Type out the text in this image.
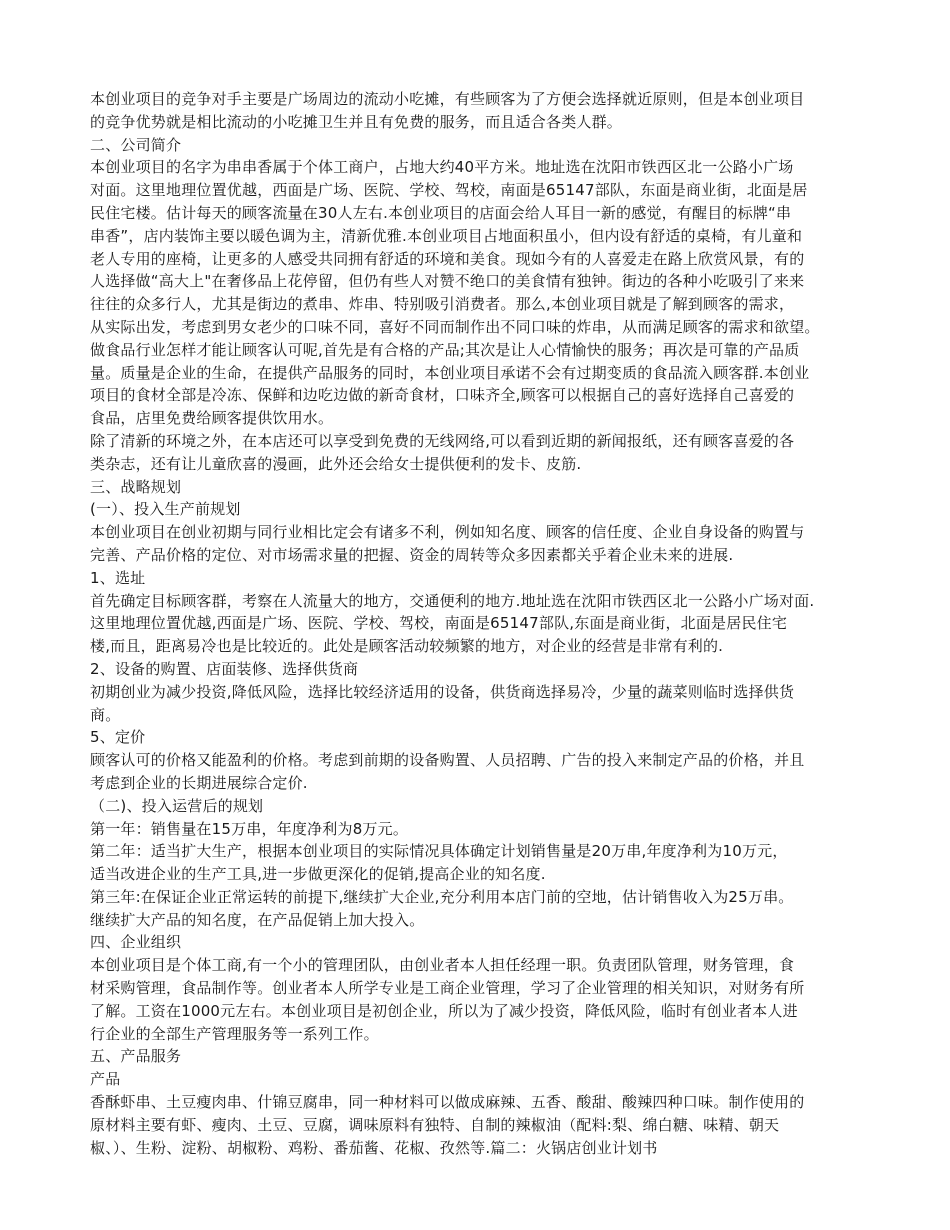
本创业项目的竞争对手主要是广场周边的流动小吃摊，有些顾客为了方便会选择就近原则，但是本创业项目
的竞争优势就是相比流动的小吃摊卫生并且有免费的服务，而且适合各类人群。
二、公司简介
本创业项目的名字为串串香属于个体工商户，占地大约40平方米。地址选在沈阳市铁西区北一公路小广场
对面。这里地理位置优越，西面是广场、医院、学校、驾校，南面是65147部队，东面是商业街，北面是居
民住宅楼。估计每天的顾客流量在30人左右.本创业项目的店面会给人耳目一新的感觉，有醒目的标牌“串
串香”，店内装饰主要以暖色调为主，清新优雅.本创业项目占地面积虽小，但内设有舒适的桌椅，有儿童和
老人专用的座椅，让更多的人感受共同拥有舒适的环境和美食。现如今有的人喜爱走在路上欣赏风景，有的
人选择做“高大上"在奢侈品上花停留，但仍有些人对赞不绝口的美食情有独钟。街边的各种小吃吸引了来来
往往的众多行人，尤其是街边的煮串、炸串、特别吸引消费者。那么,本创业项目就是了解到顾客的需求，
从实际出发，考虑到男女老少的口味不同，喜好不同而制作出不同口味的炸串，从而满足顾客的需求和欲望。
做食品行业怎样才能让顾客认可呢,首先是有合格的产品;其次是让人心情愉快的服务；再次是可靠的产品质
量。质量是企业的生命，在提供产品服务的同时，本创业项目承诺不会有过期变质的食品流入顾客群.本创业
项目的食材全部是冷冻、保鲜和边吃边做的新奇食材，口味齐全,顾客可以根据自己的喜好选择自己喜爱的
食品，店里免费给顾客提供饮用水。
除了清新的环境之外，在本店还可以享受到免费的无线网络,可以看到近期的新闻报纸，还有顾客喜爱的各
类杂志，还有让儿童欣喜的漫画，此外还会给女士提供便利的发卡、皮筋.
三、战略规划
(一）、投入生产前规划
本创业项目在创业初期与同行业相比定会有诸多不利，例如知名度、顾客的信任度、企业自身设备的购置与
完善、产品价格的定位、对市场需求量的把握、资金的周转等众多因素都关乎着企业未来的进展.
1、选址
首先确定目标顾客群，考察在人流量大的地方，交通便利的地方.地址选在沈阳市铁西区北一公路小广场对面.
这里地理位置优越,西面是广场、医院、学校、驾校，南面是65147部队,东面是商业街，北面是居民住宅
楼,而且，距离易冷也是比较近的。此处是顾客活动较频繁的地方，对企业的经营是非常有利的.
2、设备的购置、店面装修、选择供货商
初期创业为减少投资,降低风险，选择比较经济适用的设备，供货商选择易冷，少量的蔬菜则临时选择供货
商。
5、定价
顾客认可的价格又能盈利的价格。考虑到前期的设备购置、人员招聘、广告的投入来制定产品的价格，并且
考虑到企业的长期进展综合定价.
（二)、投入运营后的规划
第一年：销售量在15万串，年度净利为8万元。
第二年：适当扩大生产，根据本创业项目的实际情况具体确定计划销售量是20万串,年度净利为10万元，
适当改进企业的生产工具,进一步做更深化的促销,提高企业的知名度.
第三年:在保证企业正常运转的前提下,继续扩大企业,充分利用本店门前的空地，估计销售收入为25万串。
继续扩大产品的知名度，在产品促销上加大投入。
四、企业组织
本创业项目是个体工商,有一个小的管理团队，由创业者本人担任经理一职。负责团队管理，财务管理，食
材采购管理，食品制作等。创业者本人所学专业是工商企业管理，学习了企业管理的相关知识，对财务有所
了解。工资在1000元左右。本创业项目是初创企业，所以为了减少投资，降低风险，临时有创业者本人进
行企业的全部生产管理服务等一系列工作。
五、产品服务
产品
香酥虾串、土豆瘦肉串、什锦豆腐串，同一种材料可以做成麻辣、五香、酸甜、酸辣四种口味。制作使用的
原材料主要有虾、瘦肉、土豆、豆腐，调味原料有独特、自制的辣椒油（配料:梨、绵白糖、味精、朝天
椒、）、生粉、淀粉、胡椒粉、鸡粉、番茄酱、花椒、孜然等.篇二：火锅店创业计划书
